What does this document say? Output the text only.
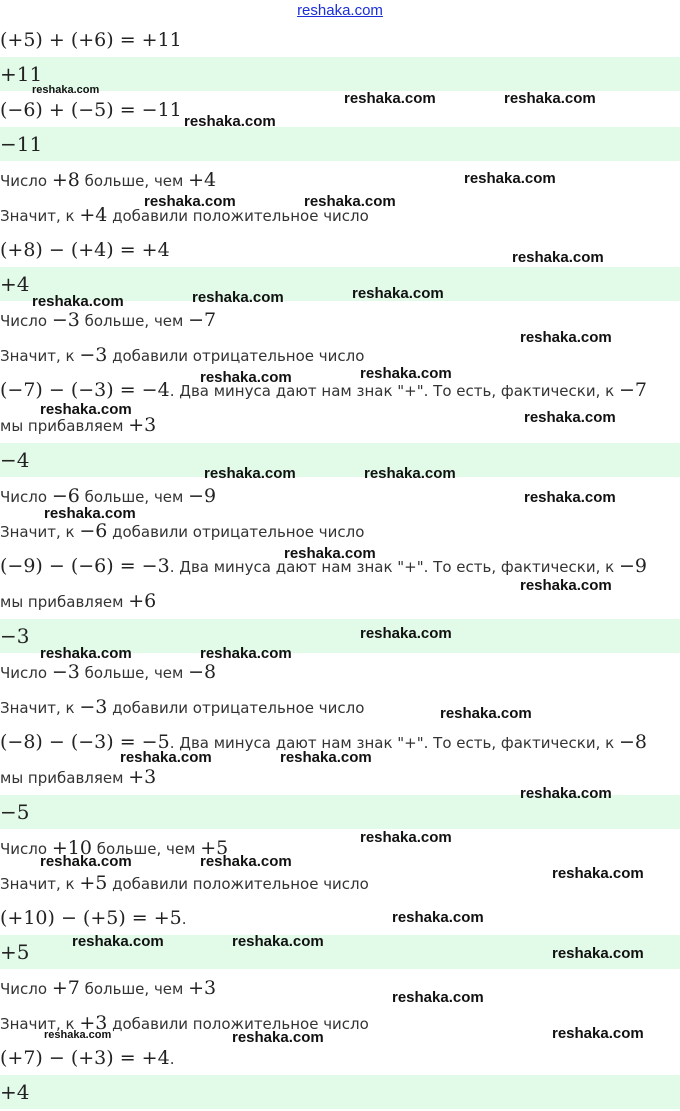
reshaka.com
(+5) + (+6) = +11
+11
(−6) + (−5) = −11
−11
Число +8 больше, чем +4
Значит, к +4 добавили положительное число
(+8) − (+4) = +4
+4
Число −3 больше, чем −7
Значит, к −3 добавили отрицательное число
(−7) − (−3) = −4. Два минуса дают нам знак "+". То есть, фактически, к −7
мы прибавляем +3
−4
Число −6 больше, чем −9
Значит, к −6 добавили отрицательное число
(−9) − (−6) = −3. Два минуса дают нам знак "+". То есть, фактически, к −9
мы прибавляем +6
−3
Число −3 больше, чем −8
Значит, к −3 добавили отрицательное число
(−8) − (−3) = −5. Два минуса дают нам знак "+". То есть, фактически, к −8
мы прибавляем +3
−5
Число +10 больше, чем +5
Значит, к +5 добавили положительное число
(+10) − (+5) = +5.
+5
Число +7 больше, чем +3
Значит, к +3 добавили положительное число
(+7) − (+3) = +4.
+4
reshaka.com	reshaka.com	reshaka.com
reshaka.com
reshaka.com
reshaka.com	reshaka.com
reshaka.com
reshaka.com	reshaka.com	reshaka.com
reshaka.com
reshaka.com	reshaka.com
reshaka.com	reshaka.com
reshaka.com
reshaka.com	reshaka.com
reshaka.com
reshaka.com
reshaka.com
reshaka.com	reshaka.com
reshaka.com
reshaka.com
reshaka.com	reshaka.com
reshaka.com
reshaka.com	reshaka.com
reshaka.com
reshaka.com
reshaka.com
reshaka.com	reshaka.com
reshaka.com
reshaka.com
reshaka.com	reshaka.com	reshaka.com
